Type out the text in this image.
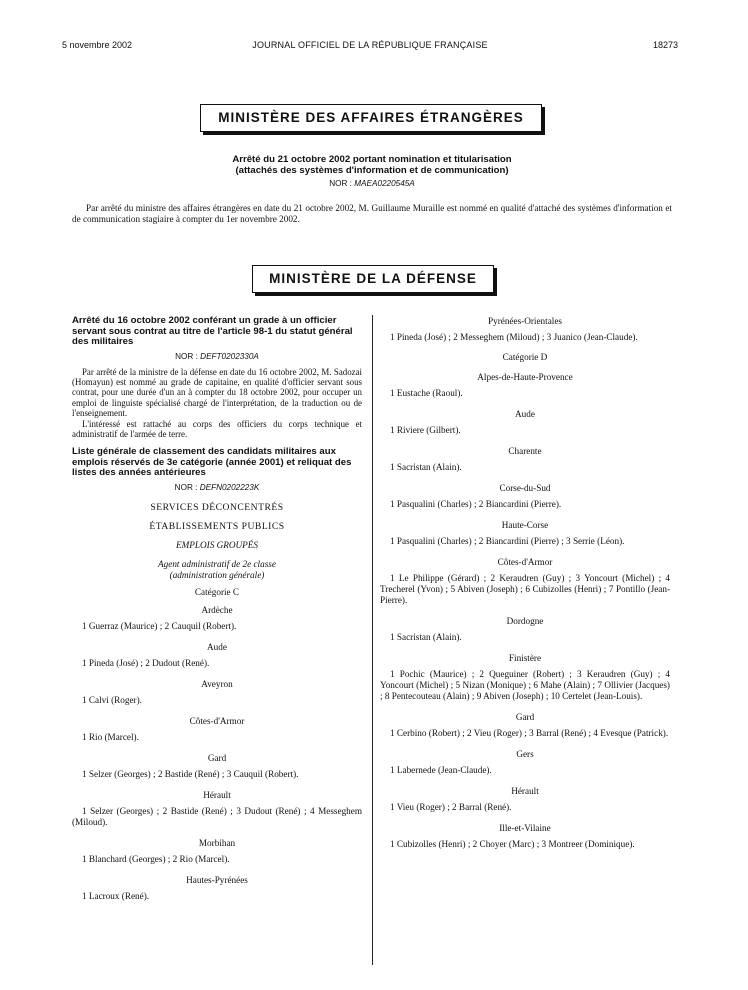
5 novembre 2002	JOURNAL OFFICIEL DE LA RÉPUBLIQUE FRANÇAISE	18273
MINISTÈRE DES AFFAIRES ÉTRANGÈRES
Arrêté du 21 octobre 2002 portant nomination et titularisation
(attachés des systèmes d'information et de communication)
NOR : MAEA0220545A
Par arrêté du ministre des affaires étrangères en date du 21 octobre 2002, M. Guillaume Muraille est nommé en qualité d'attaché des systèmes d'information et de communication stagiaire à compter du 1er novembre 2002.
MINISTÈRE DE LA DÉFENSE
Arrêté du 16 octobre 2002 conférant un grade à un officier servant sous contrat au titre de l'article 98-1 du statut général des militaires
NOR : DEFT0202330A
Par arrêté de la ministre de la défense en date du 16 octobre 2002, M. Sadozai (Homayun) est nommé au grade de capitaine, en qualité d'officier servant sous contrat, pour une durée d'un an à compter du 18 octobre 2002, pour occuper un emploi de linguiste spécialisé chargé de l'interprétation, de la traduction ou de l'enseignement.
L'intéressé est rattaché au corps des officiers du corps technique et administratif de l'armée de terre.
Liste générale de classement des candidats militaires aux emplois réservés de 3e catégorie (année 2001) et reliquat des listes des années antérieures
NOR : DEFN0202223K
SERVICES DÉCONCENTRÉS
ÉTABLISSEMENTS PUBLICS
EMPLOIS GROUPÉS
Agent administratif de 2e classe
(administration générale)
Catégorie C
Ardèche
1 Guerraz (Maurice) ; 2 Cauquil (Robert).
Aude
1 Pineda (José) ; 2 Dudout (René).
Aveyron
1 Calvi (Roger).
Côtes-d'Armor
1 Rio (Marcel).
Gard
1 Selzer (Georges) ; 2 Bastide (René) ; 3 Cauquil (Robert).
Hérault
1 Selzer (Georges) ; 2 Bastide (René) ; 3 Dudout (René) ; 4 Messeghem (Miloud).
Morbihan
1 Blanchard (Georges) ; 2 Rio (Marcel).
Hautes-Pyrénées
1 Lacroux (René).
Pyrénées-Orientales
1 Pineda (José) ; 2 Messeghem (Miloud) ; 3 Juanico (Jean-Claude).
Catégorie D
Alpes-de-Haute-Provence
1 Eustache (Raoul).
Aude
1 Riviere (Gilbert).
Charente
1 Sacristan (Alain).
Corse-du-Sud
1 Pasqualini (Charles) ; 2 Biancardini (Pierre).
Haute-Corse
1 Pasqualini (Charles) ; 2 Biancardini (Pierre) ; 3 Serrie (Léon).
Côtes-d'Armor
1 Le Philippe (Gérard) ; 2 Keraudren (Guy) ; 3 Yoncourt (Michel) ; 4 Trecherel (Yvon) ; 5 Abiven (Joseph) ; 6 Cubizolles (Henri) ; 7 Pontillo (Jean-Pierre).
Dordogne
1 Sacristan (Alain).
Finistère
1 Pochic (Maurice) ; 2 Queguiner (Robert) ; 3 Keraudren (Guy) ; 4 Yoncourt (Michel) ; 5 Nizan (Monique) ; 6 Mahe (Alain) ; 7 Ollivier (Jacques) ; 8 Pentecouteau (Alain) ; 9 Abiven (Joseph) ; 10 Certelet (Jean-Louis).
Gard
1 Cerbino (Robert) ; 2 Vieu (Roger) ; 3 Barral (René) ; 4 Evesque (Patrick).
Gers
1 Labernede (Jean-Claude).
Hérault
1 Vieu (Roger) ; 2 Barral (René).
Ille-et-Vilaine
1 Cubizolles (Henri) ; 2 Choyer (Marc) ; 3 Montreer (Dominique).
